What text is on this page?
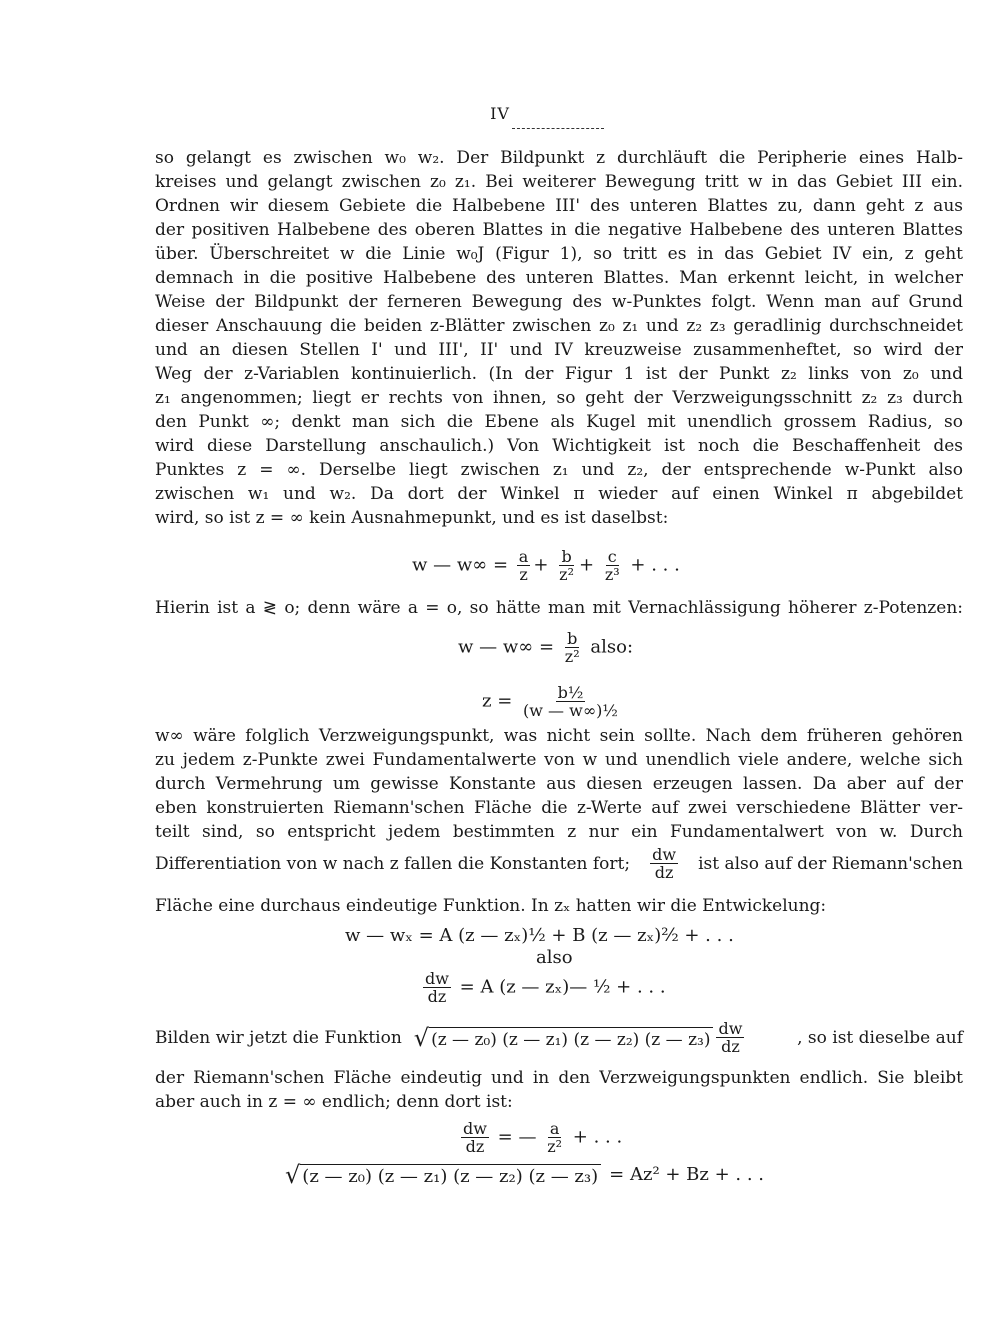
IV
so gelangt es zwischen w₀ w₂. Der Bildpunkt z durchläuft die Peripherie eines Halb-
kreises und gelangt zwischen z₀ z₁. Bei weiterer Bewegung tritt w in das Gebiet III ein.
Ordnen wir diesem Gebiete die Halbebene III' des unteren Blattes zu, dann geht z aus
der positiven Halbebene des oberen Blattes in die negative Halbebene des unteren Blattes
über. Überschreitet w die Linie w₀J (Figur 1), so tritt es in das Gebiet IV ein, z geht
demnach in die positive Halbebene des unteren Blattes. Man erkennt leicht, in welcher
Weise der Bildpunkt der ferneren Bewegung des w-Punktes folgt. Wenn man auf Grund
dieser Anschauung die beiden z-Blätter zwischen z₀ z₁ und z₂ z₃ geradlinig durchschneidet
und an diesen Stellen I' und III', II' und IV kreuzweise zusammenheftet, so wird der
Weg der z-Variablen kontinuierlich. (In der Figur 1 ist der Punkt z₂ links von z₀ und
z₁ angenommen; liegt er rechts von ihnen, so geht der Verzweigungsschnitt z₂ z₃ durch
den Punkt ∞; denkt man sich die Ebene als Kugel mit unendlich grossem Radius, so
wird diese Darstellung anschaulich.) Von Wichtigkeit ist noch die Beschaffenheit des
Punktes z = ∞. Derselbe liegt zwischen z₁ und z₂, der entsprechende w-Punkt also
zwischen w₁ und w₂. Da dort der Winkel π wieder auf einen Winkel π abgebildet
wird, so ist z = ∞ kein Ausnahmepunkt, und es ist daselbst:
w — $w\infty = \frac{a}{z} + \frac{b}{\text{z²}} + \frac{c}{\text{z³}}$ + . . .
Hierin ist a ≷ o; denn wäre a = o, so hätte man mit Vernachlässigung höherer z-Potenzen:
w — $w\infty = \frac{b}{\text{z²}}$ also:
$z = \frac{\text{b½}}{\text{(w — w∞)½}}$
w∞ wäre folglich Verzweigungspunkt, was nicht sein sollte. Nach dem früheren gehören
zu jedem z-Punkte zwei Fundamentalwerte von w und unendlich viele andere, welche sich
durch Vermehrung um gewisse Konstante aus diesen erzeugen lassen. Da aber auf der
eben konstruierten Riemann'schen Fläche die z-Werte auf zwei verschiedene Blätter ver-
teilt sind, so entspricht jedem bestimmten z nur ein Fundamentalwert von w. Durch
Differentiation von w nach z fallen die Konstanten fort; $\frac{dw}{dz}$ ist also auf der Riemann'schen
Fläche eine durchaus eindeutige Funktion. In zₓ hatten wir die Entwickelung:
w — wₓ = A (z — zₓ)½ + B (z — zₓ)²⁄₂ + . . .
also
$\frac{dw}{dz} = A$ (z — zₓ)— ½ + . . .
Bilden wir jetzt die Funktion √ (z — z₀) (z — z₁) (z — z₂) (z — $z_3) \frac{dw}{dz}$	, so ist dieselbe auf
der Riemann'schen Fläche eindeutig und in den Verzweigungspunkten endlich. Sie bleibt
aber auch in z = ∞ endlich; denn dort ist:
$\frac{dw}{dz}$ = — $\frac{a}{\text{z²}}$ + . . .
√ (z — z₀) (z — z₁) (z — z₂) (z — z₃) = Az² + Bz + . . .
